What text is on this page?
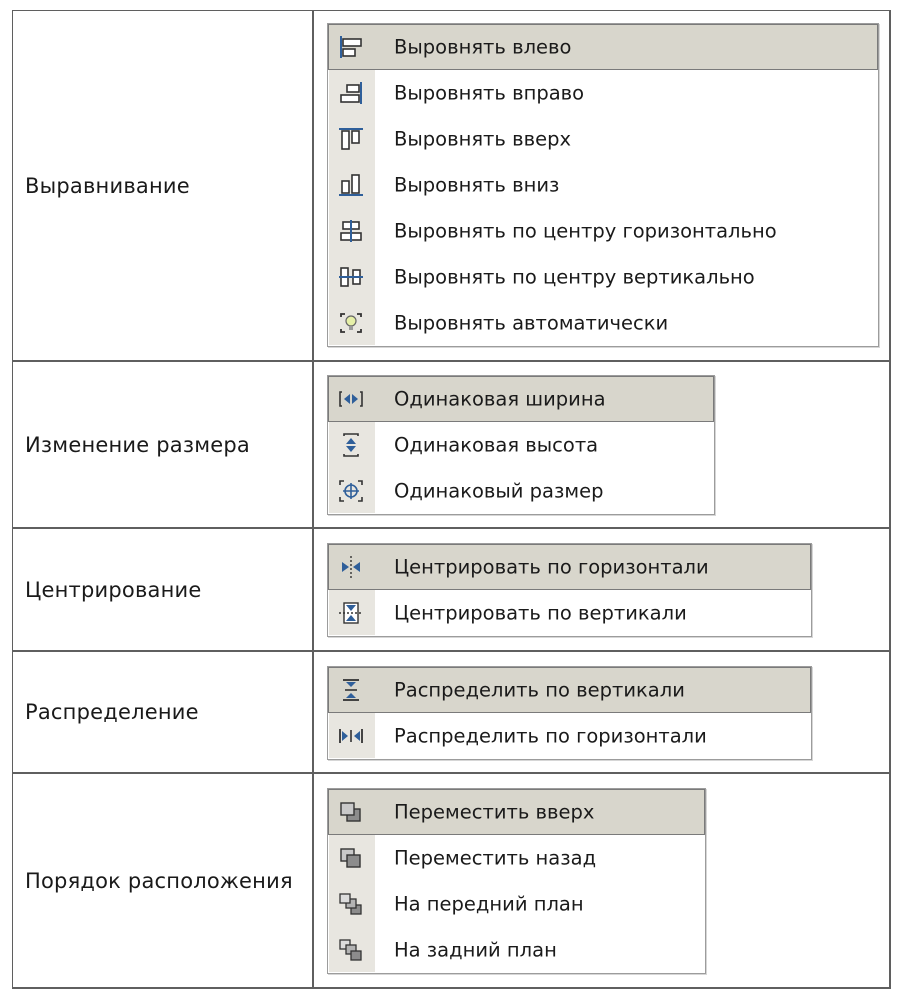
Выравнивание
Выровнять влево
Выровнять вправо
Выровнять вверх
Выровнять вниз
Выровнять по центру горизонтально
Выровнять по центру вертикально
Выровнять автоматически
Изменение размера
Одинаковая ширина
Одинаковая высота
Одинаковый размер
Центрирование
Центрировать по горизонтали
Центрировать по вертикали
Распределение
Распределить по вертикали
Распределить по горизонтали
Порядок расположения
Переместить вверх
Переместить назад
На передний план
На задний план
